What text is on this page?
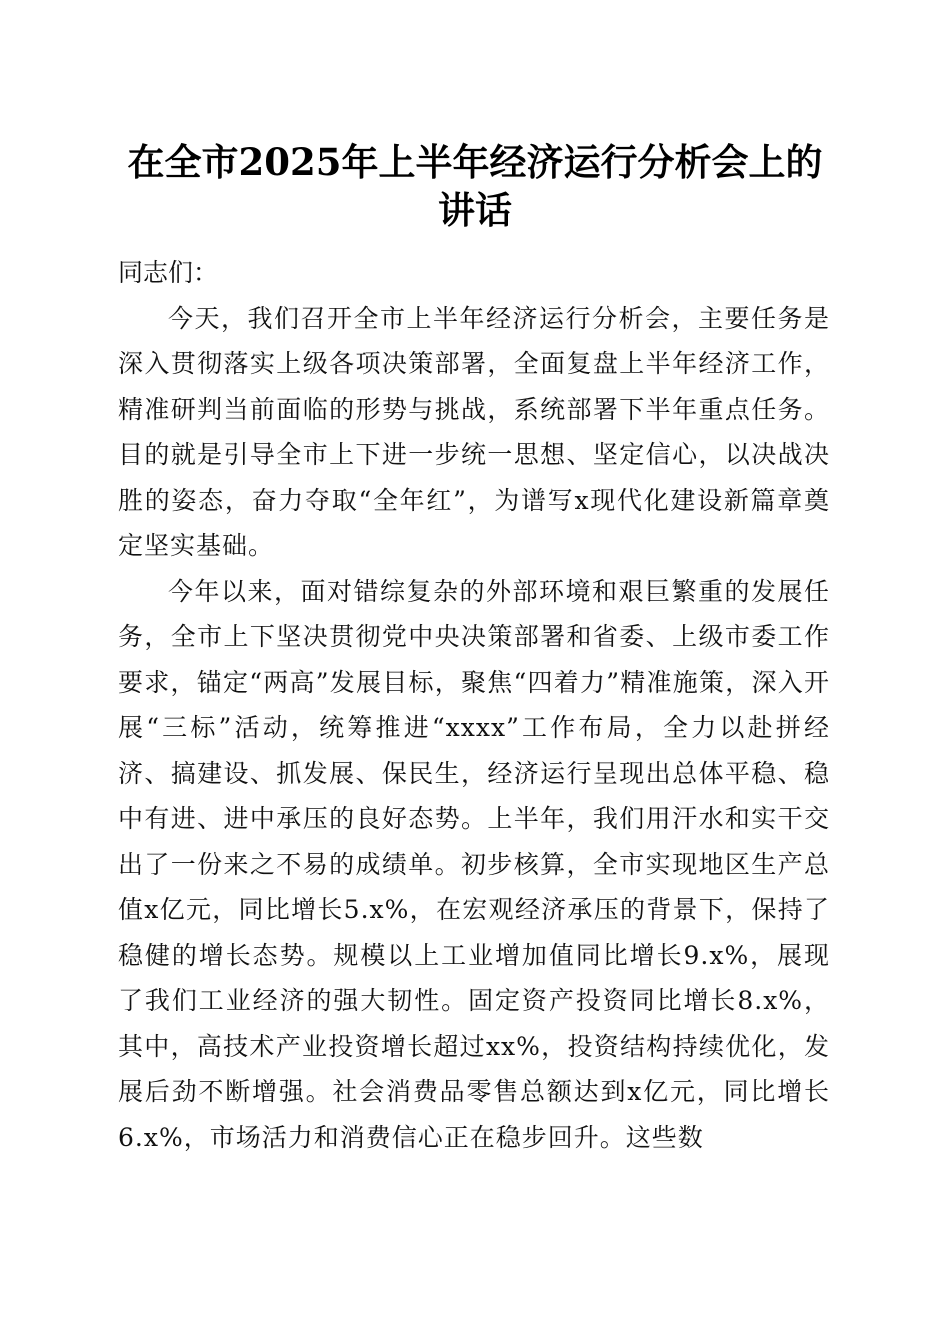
在全市2025年上半年经济运行分析会上的讲话

同志们：

今天，我们召开全市上半年经济运行分析会，主要任务是深入贯彻落实上级各项决策部署，全面复盘上半年经济工作，精准研判当前面临的形势与挑战，系统部署下半年重点任务。目的就是引导全市上下进一步统一思想、坚定信心，以决战决胜的姿态，奋力夺取“全年红”，为谱写x现代化建设新篇章奠定坚实基础。

今年以来，面对错综复杂的外部环境和艰巨繁重的发展任务，全市上下坚决贯彻党中央决策部署和省委、上级市委工作要求，锚定“两高”发展目标，聚焦“四着力”精准施策，深入开展“三标”活动，统筹推进“xxxx”工作布局，全力以赴拼经济、搞建设、抓发展、保民生，经济运行呈现出总体平稳、稳中有进、进中承压的良好态势。上半年，我们用汗水和实干交出了一份来之不易的成绩单。初步核算，全市实现地区生产总值x亿元，同比增长5.x%，在宏观经济承压的背景下，保持了稳健的增长态势。规模以上工业增加值同比增长9.x%，展现了我们工业经济的强大韧性。固定资产投资同比增长8.x%，其中，高技术产业投资增长超过xx%，投资结构持续优化，发展后劲不断增强。社会消费品零售总额达到x亿元，同比增长6.x%，市场活力和消费信心正在稳步回升。这些数
